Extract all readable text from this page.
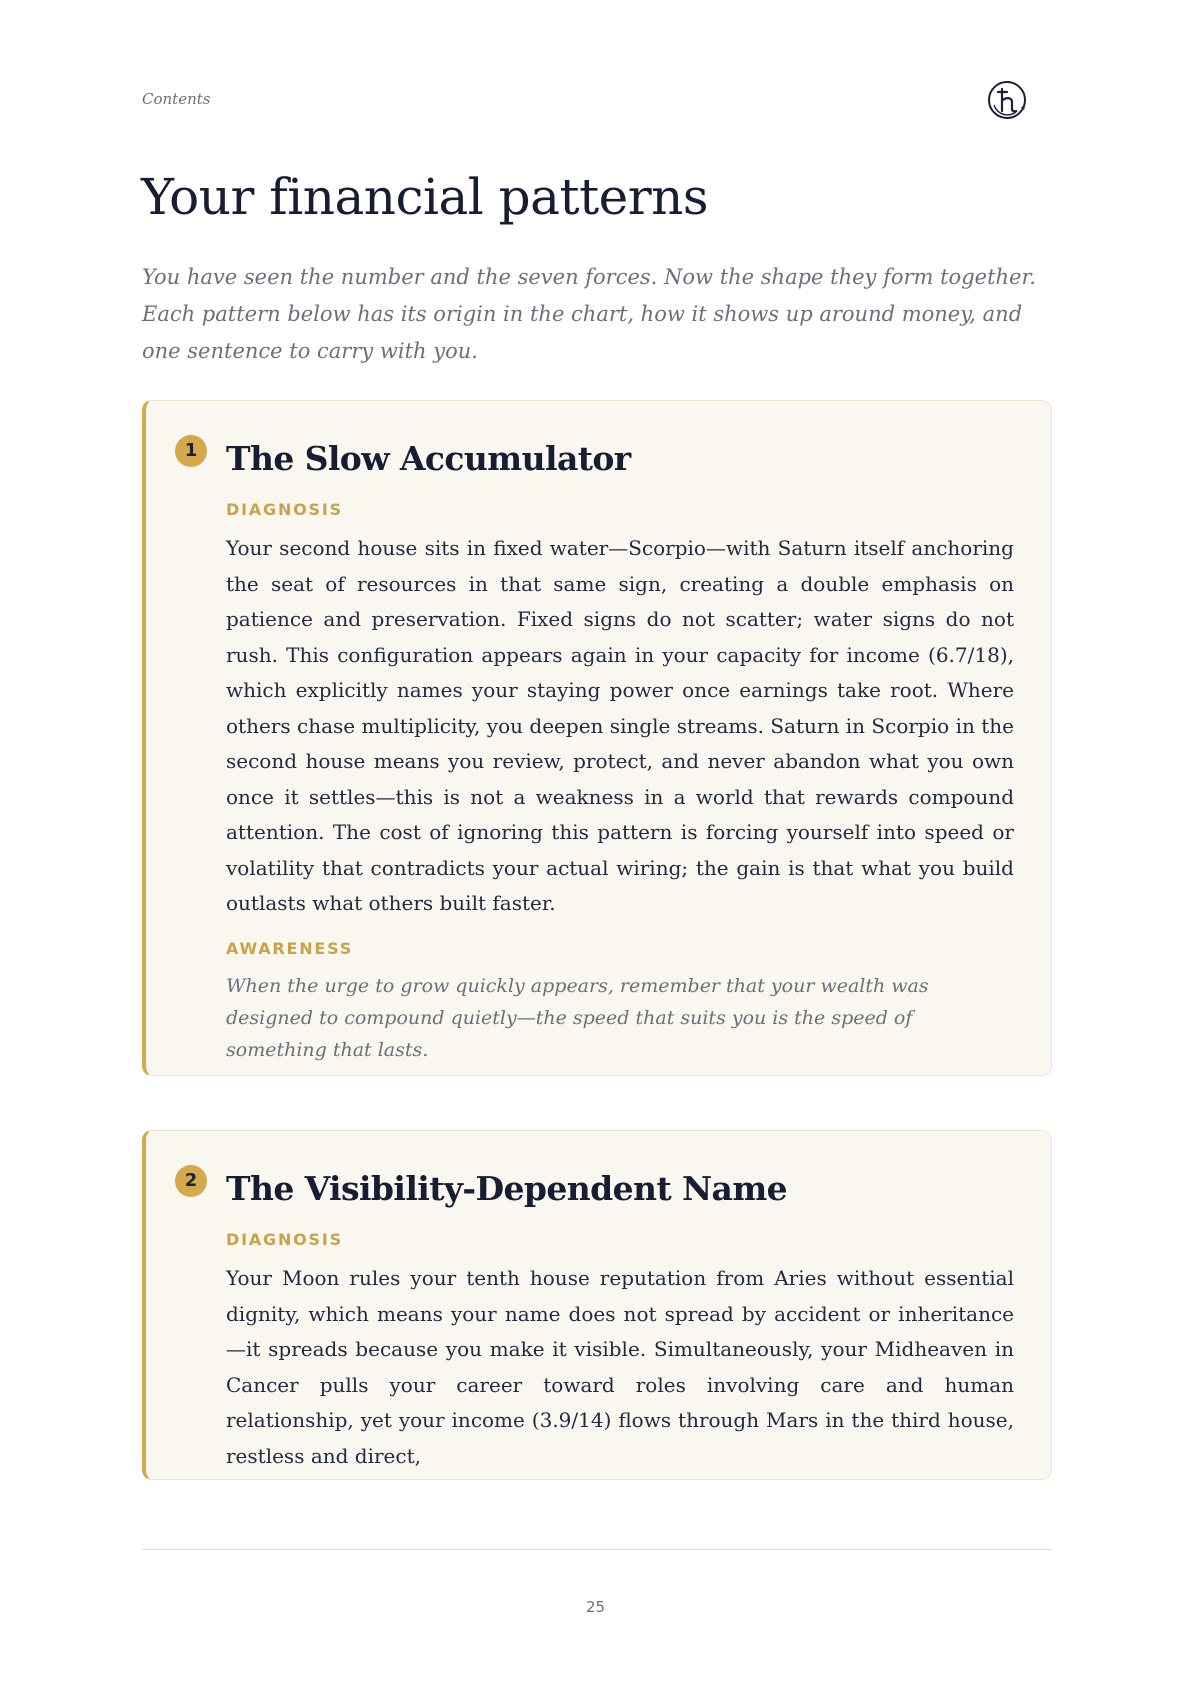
Contents
Your financial patterns

You have seen the number and the seven forces. Now the shape they form together. Each pattern below has its origin in the chart, how it shows up around money, and one sentence to carry with you.

1 The Slow Accumulator
DIAGNOSIS

Your second house sits in fixed water—Scorpio—with Saturn itself anchoring the seat of resources in that same sign, creating a double emphasis on patience and preservation. Fixed signs do not scatter; water signs do not rush. This configuration appears again in your capacity for income (6.7/18), which explicitly names your staying power once earnings take root. Where others chase multiplicity, you deepen single streams. Saturn in Scorpio in the second house means you review, protect, and never abandon what you own once it settles—this is not a weakness in a world that rewards compound attention. The cost of ignoring this pattern is forcing yourself into speed or volatility that contradicts your actual wiring; the gain is that what you build outlasts what others built faster.

AWARENESS

When the urge to grow quickly appears, remember that your wealth was designed to compound quietly—the speed that suits you is the speed of something that lasts.

2 The Visibility-Dependent Name
DIAGNOSIS

Your Moon rules your tenth house reputation from Aries without essential dignity, which means your name does not spread by accident or inheritance—it spreads because you make it visible. Simultaneously, your Midheaven in Cancer pulls your career toward roles involving care and human relationship, yet your income (3.9/14) flows through Mars in the third house, restless and direct,

25
